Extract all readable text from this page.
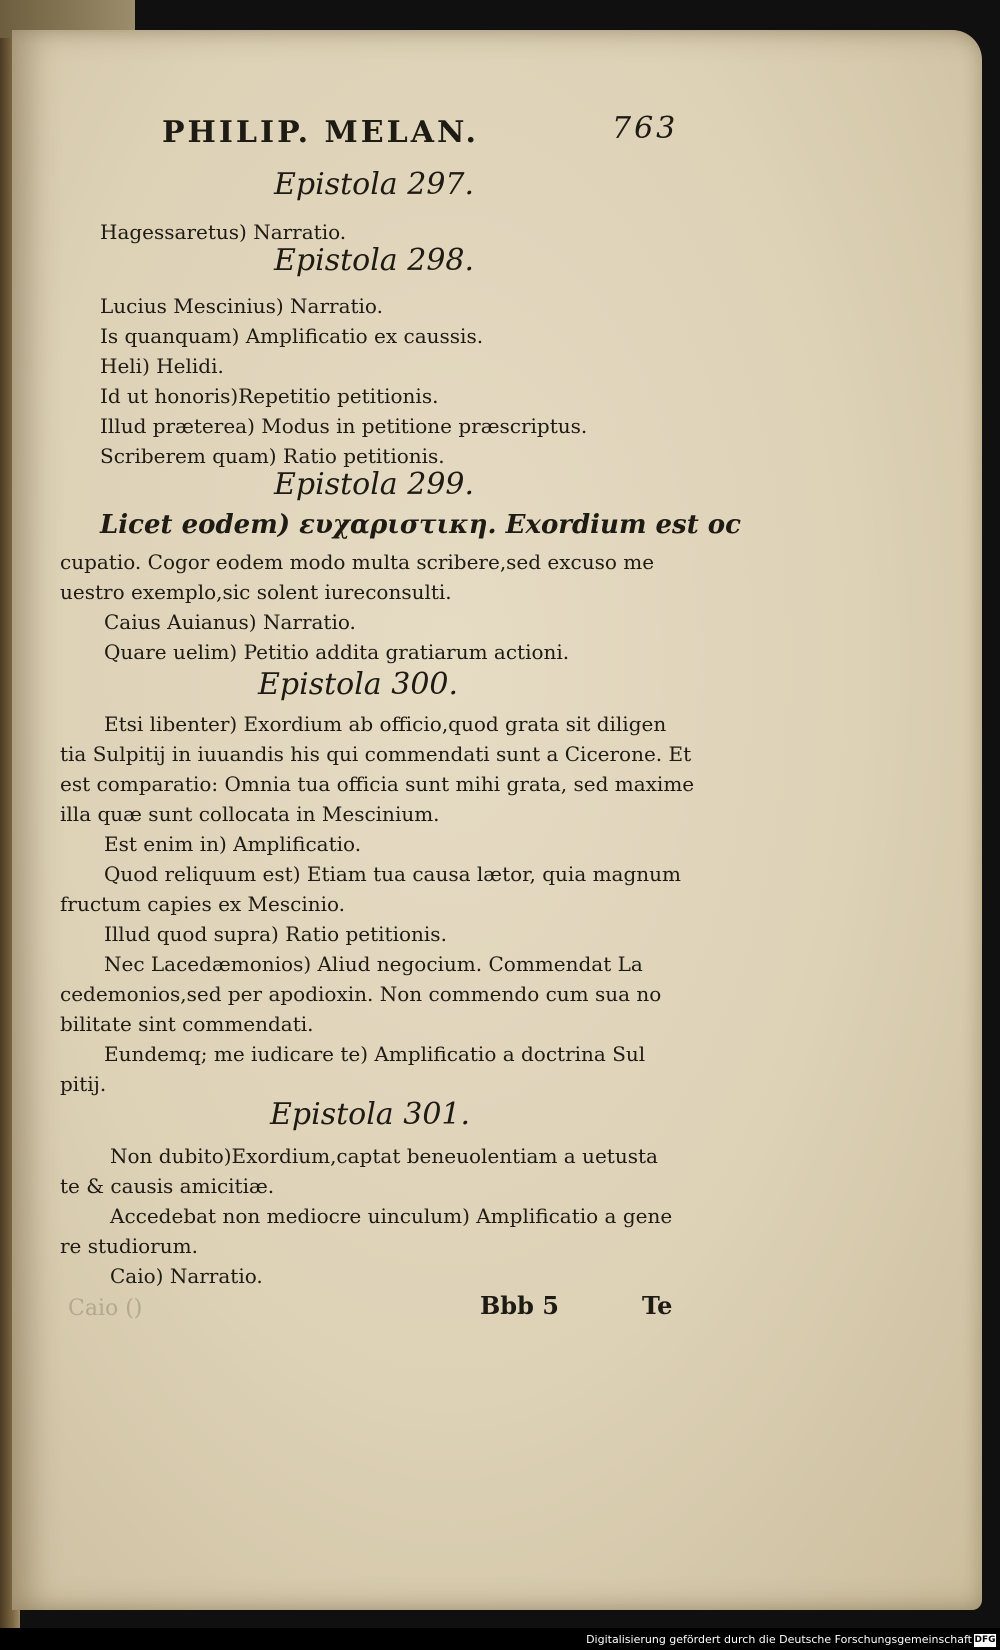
PHILIP. MELAN.	763
Epistola 297.
Hagessaretus) Narratio.
Epistola 298.
Lucius Mescinius) Narratio.
Is quanquam) Amplificatio ex caussis.
Heli) Helidi.
Id ut honoris)Repetitio petitionis.
Illud præterea) Modus in petitione præscriptus.
Scriberem quam) Ratio petitionis.
Epistola 299.
Licet eodem) ευχαριστικη. Exordium est oc
cupatio. Cogor eodem modo multa scribere,sed excuso me
uestro exemplo,sic solent iureconsulti.
Caius Auianus) Narratio.
Quare uelim) Petitio addita gratiarum actioni.
Epistola 300.
Etsi libenter) Exordium ab officio,quod grata sit diligen
tia Sulpitij in iuuandis his qui commendati sunt a Cicerone. Et
est comparatio: Omnia tua officia sunt mihi grata, sed maxime
illa quæ sunt collocata in Mescinium.
Est enim in) Amplificatio.
Quod reliquum est) Etiam tua causa lætor, quia magnum
fructum capies ex Mescinio.
Illud quod supra) Ratio petitionis.
Nec Lacedæmonios) Aliud negocium. Commendat La
cedemonios,sed per apodioxin. Non commendo cum sua no
bilitate sint commendati.
Eundemq; me iudicare te) Amplificatio a doctrina Sul
pitij.
Epistola 301.
Non dubito)Exordium,captat beneuolentiam a uetusta
te & causis amicitiæ.
Accedebat non mediocre uinculum) Amplificatio a gene
re studiorum.
Caio) Narratio.
Caio ()	Bbb 5	Te
Digitalisierung gefördert durch die Deutsche Forschungsgemeinschaft DFG
